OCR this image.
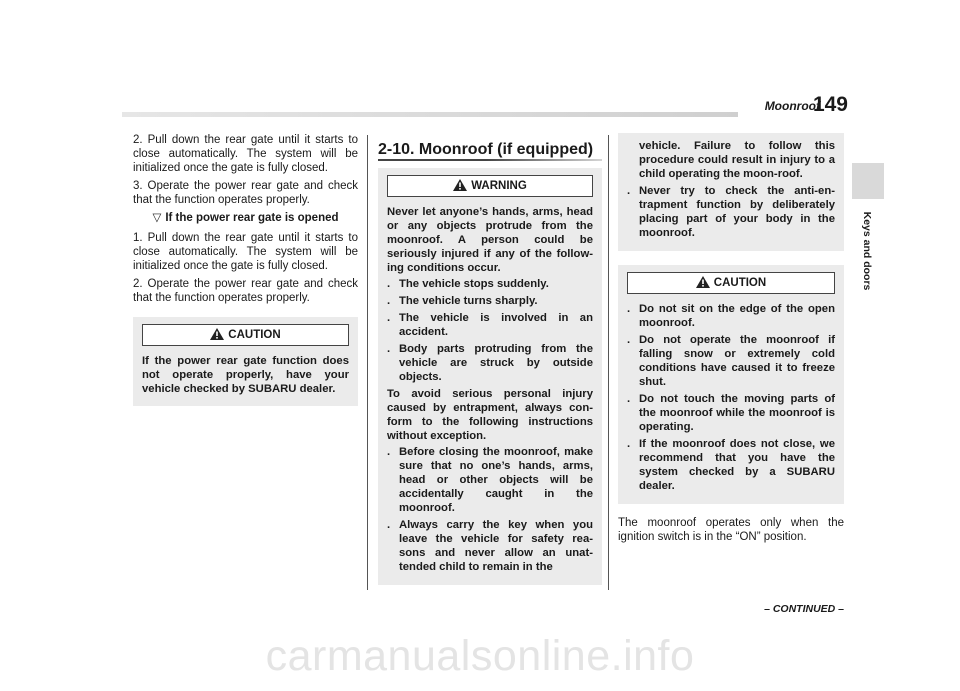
Moonroof
149
Keys and doors

2. Pull down the rear gate until it starts to close automatically. The system will be initialized once the gate is fully closed.

3. Operate the power rear gate and check that the function operates properly.

▽ If the power rear gate is opened

1. Pull down the rear gate until it starts to close automatically. The system will be initialized once the gate is fully closed.

2. Operate the power rear gate and check that the function operates properly.

CAUTION

If the power rear gate function does not operate properly, have your vehicle checked by SUBARU dealer.

2-10. Moonroof (if equipped)
WARNING

Never let anyone’s hands, arms, head or any objects protrude from the moonroof. A person could be seriously injured if any of the follow-ing conditions occur.

. The vehicle stops suddenly.
. The vehicle turns sharply.
. The vehicle is involved in an accident.
. Body parts protruding from the vehicle are struck by outside objects.

To avoid serious personal injury caused by entrapment, always con-form to the following instructions without exception.

. Before closing the moonroof, make sure that no one’s hands, arms, head or other objects will be accidentally caught in the moonroof.
. Always carry the key when you leave the vehicle for safety rea-sons and never allow an unat-tended child to remain in the
vehicle. Failure to follow this procedure could result in injury to a child operating the moon-roof.
. Never try to check the anti-en-trapment function by deliberately placing part of your body in the moonroof.
CAUTION
. Do not sit on the edge of the open moonroof.
. Do not operate the moonroof if falling snow or extremely cold conditions have caused it to freeze shut.
. Do not touch the moving parts of the moonroof while the moonroof is operating.
. If the moonroof does not close, we recommend that you have the system checked by a SUBARU dealer.

The moonroof operates only when the ignition switch is in the “ON” position.

– CONTINUED –
carmanualsonline.info
